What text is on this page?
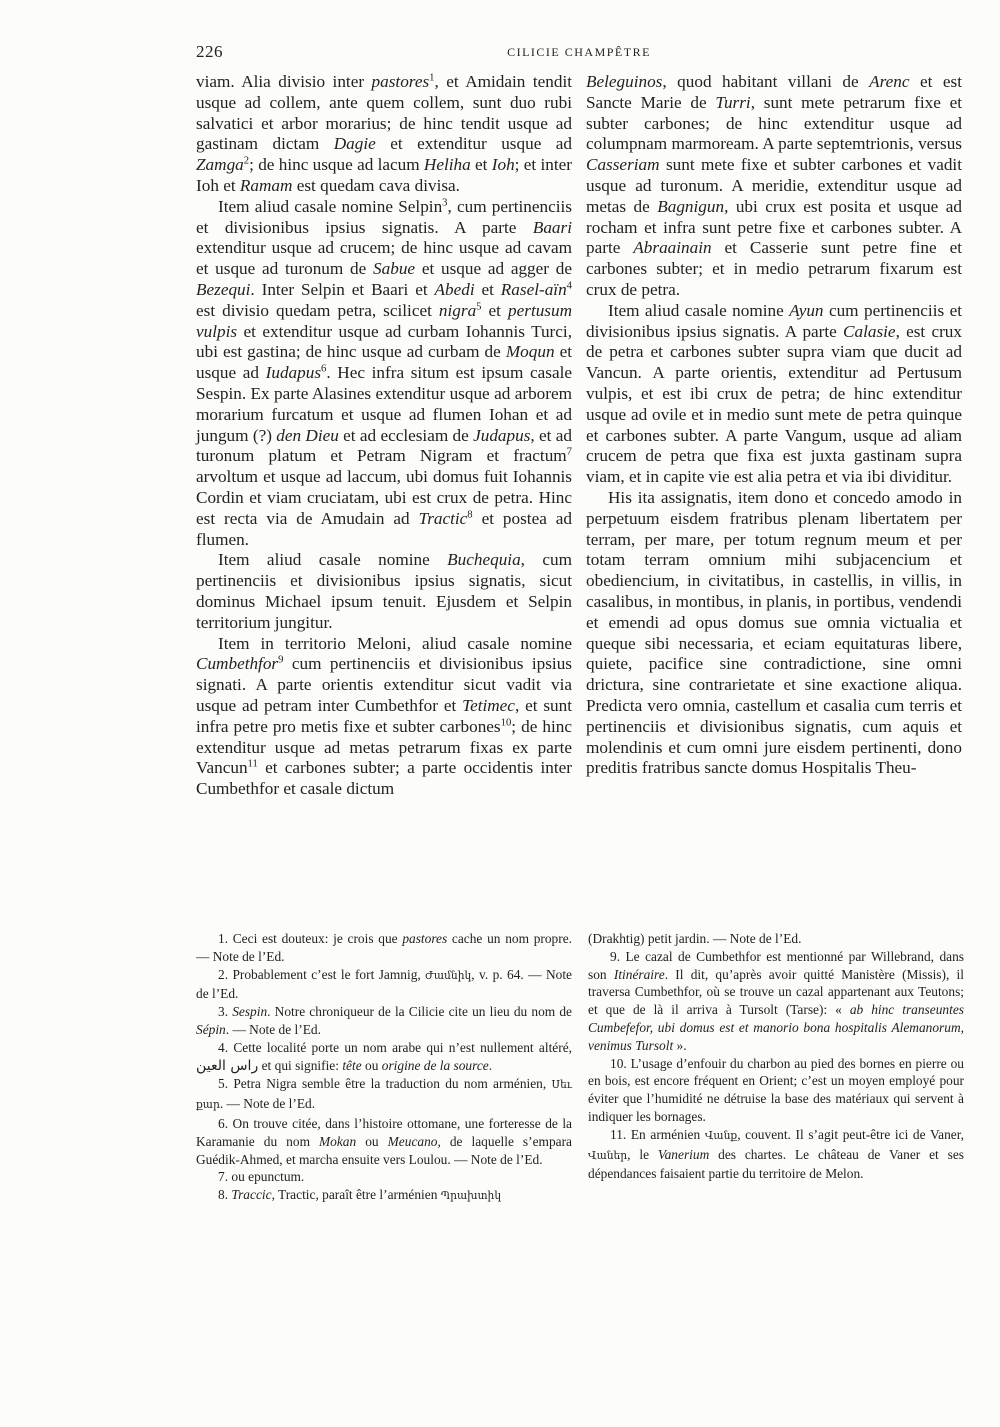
226	CILICIE CHAMPÊTRE

viam. Alia divisio inter pastores$^1$, et Amidain tendit usque ad collem, ante quem collem, sunt duo rubi salvatici et arbor morarius; de hinc tendit usque ad gastinam dictam Dagie et extenditur usque ad Zamga$^2$; de hinc usque ad lacum Heliha et Ioh; et inter Ioh et Ramam est quedam cava divisa.

Item aliud casale nomine Selpin$^3$, cum pertinenciis et divisionibus ipsius signatis. A parte Baari extenditur usque ad crucem; de hinc usque ad cavam et usque ad turonum de Sabue et usque ad agger de Bezequi. Inter Selpin et Baari et Abedi et Rasel-aïn$^4$ est divisio quedam petra, scilicet nigra$^5$ et pertusum vulpis et extenditur usque ad curbam Iohannis Turci, ubi est gastina; de hinc usque ad curbam de Moqun et usque ad Iudapus$^6$. Hec infra situm est ipsum casale Sespin. Ex parte Alasines extenditur usque ad arborem morarium furcatum et usque ad flumen Iohan et ad jungum (?) den Dieu et ad ecclesiam de Judapus, et ad turonum platum et Petram Nigram et fractum$^7$ arvoltum et usque ad laccum, ubi domus fuit Iohannis Cordin et viam cruciatam, ubi est crux de petra. Hinc est recta via de Amudain ad Tractic$^8$ et postea ad flumen.

Item aliud casale nomine Buchequia, cum pertinenciis et divisionibus ipsius signatis, sicut dominus Michael ipsum tenuit. Ejusdem et Selpin territorium jungitur.

Item in territorio Meloni, aliud casale nomine Cumbethfor$^9$ cum pertinenciis et divisionibus ipsius signati. A parte orientis extenditur sicut vadit via usque ad petram inter Cumbethfor et Tetimec, et sunt infra petre pro metis fixe et subter carbones$^{10}$; de hinc extenditur usque ad metas petrarum fixas ex parte Vancun$^{11}$ et carbones subter; a parte occidentis inter Cumbethfor et casale dictum

Beleguinos, quod habitant villani de Arenc et est Sancte Marie de Turri, sunt mete petrarum fixe et subter carbones; de hinc extenditur usque ad columpnam marmoream. A parte septemtrionis, versus Casseriam sunt mete fixe et subter carbones et vadit usque ad turonum. A meridie, extenditur usque ad metas de Bagnigun, ubi crux est posita et usque ad rocham et infra sunt petre fixe et carbones subter. A parte Abraainain et Casserie sunt petre fine et carbones subter; et in medio petrarum fixarum est crux de petra.

Item aliud casale nomine Ayun cum pertinenciis et divisionibus ipsius signatis. A parte Calasie, est crux de petra et carbones subter supra viam que ducit ad Vancun. A parte orientis, extenditur ad Pertusum vulpis, et est ibi crux de petra; de hinc extenditur usque ad ovile et in medio sunt mete de petra quinque et carbones subter. A parte Vangum, usque ad aliam crucem de petra que fixa est juxta gastinam supra viam, et in capite vie est alia petra et via ibi dividitur.

His ita assignatis, item dono et concedo amodo in perpetuum eisdem fratribus plenam libertatem per terram, per mare, per totum regnum meum et per totam terram omnium mihi subjacencium et obediencium, in civitatibus, in castellis, in villis, in casalibus, in montibus, in planis, in portibus, vendendi et emendi ad opus domus sue omnia victualia et queque sibi necessaria, et eciam equitaturas libere, quiete, pacifice sine contradictione, sine omni drictura, sine contrarietate et sine exactione aliqua. Predicta vero omnia, castellum et casalia cum terris et pertinenciis et divisionibus signatis, cum aquis et molendinis et cum omni jure eisdem pertinenti, dono preditis fratribus sancte domus Hospitalis Theu-

1. Ceci est douteux: je crois que pastores cache un nom propre. — Note de l’Ed.

2. Probablement c’est le fort Jamnig, Ժամնիկ, v. p. 64. — Note de l’Ed.

3. Sespin. Notre chroniqueur de la Cilicie cite un lieu du nom de Sépin. — Note de l’Ed.

4. Cette localité porte un nom arabe qui n’est nullement altéré, راس العين et qui signifie: tête ou origine de la source.

5. Petra Nigra semble être la traduction du nom arménien, Սեւ քար. — Note de l’Ed.

6. On trouve citée, dans l’histoire ottomane, une forteresse de la Karamanie du nom Mokan ou Meucano, de laquelle s’empara Guédik-Ahmed, et marcha ensuite vers Loulou. — Note de l’Ed.

7. ou epunctum.

8. Traccic, Tractic, paraît être l’arménien Պրախտիկ

(Drakhtig) petit jardin. — Note de l’Ed.

9. Le cazal de Cumbethfor est mentionné par Willebrand, dans son Itinéraire. Il dit, qu’après avoir quitté Manistère (Missis), il traversa Cumbethfor, où se trouve un cazal appartenant aux Teutons; et que de là il arriva à Tursolt (Tarse): « ab hinc transeuntes Cumbefefor, ubi domus est et manorio bona hospitalis Alemanorum, venimus Tursolt ».

10. L’usage d’enfouir du charbon au pied des bornes en pierre ou en bois, est encore fréquent en Orient; c’est un moyen employé pour éviter que l’humidité ne détruise la base des matériaux qui servent à indiquer les bornages.

11. En arménien Վանք, couvent. Il s’agit peut-être ici de Vaner, Վաներ, le Vanerium des chartes. Le château de Vaner et ses dépendances faisaient partie du territoire de Melon.
